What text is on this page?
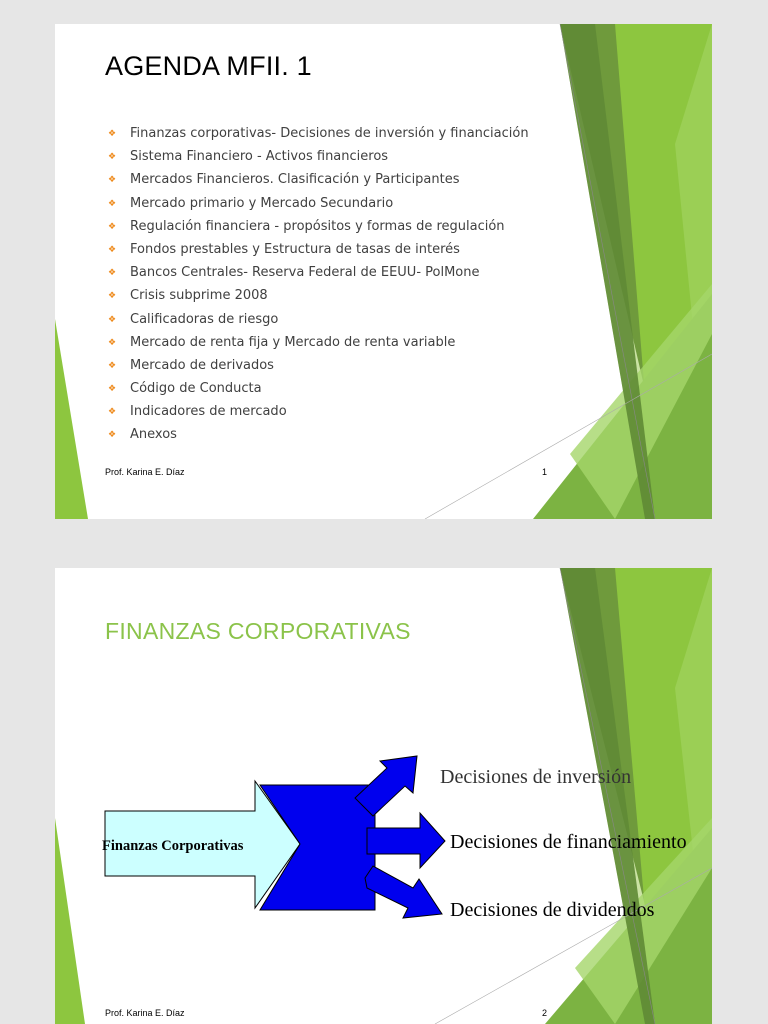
AGENDA MFII. 1
❖ Finanzas corporativas- Decisiones de inversión y financiación
❖ Sistema Financiero - Activos financieros
❖ Mercados Financieros. Clasificación y Participantes
❖ Mercado primario y Mercado Secundario
❖ Regulación financiera - propósitos y formas de regulación
❖ Fondos prestables y Estructura de tasas de interés
❖ Bancos Centrales- Reserva Federal de EEUU- PolMone
❖ Crisis subprime 2008
❖ Calificadoras de riesgo
❖ Mercado de renta fija y Mercado de renta variable
❖ Mercado de derivados
❖ Código de Conducta
❖ Indicadores de mercado
❖ Anexos
Prof. Karina E. Díaz	1
FINANZAS CORPORATIVAS
Finanzas Corporativas
Decisiones de inversión
Decisiones de financiamiento
Decisiones de dividendos
Prof. Karina E. Díaz	2
